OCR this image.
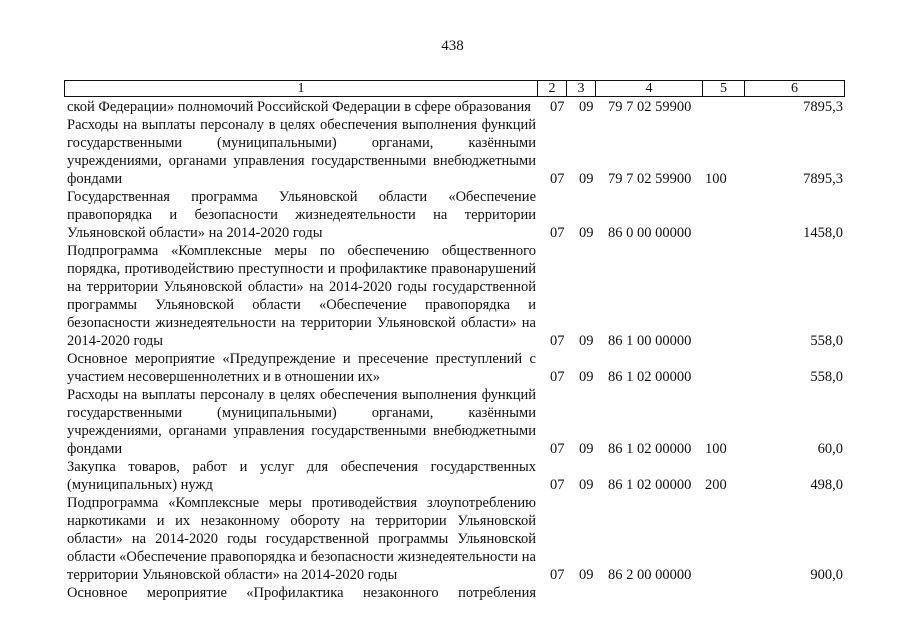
438
1	2	3	4	5	6
ской Федерации» полномочий Российской Федерации в сфере образования	07 09 79 7 02 59900	7895,3
Расходы на выплаты персоналу в целях обеспечения выполнения функций государственными (муниципальными) органами, казёнными учреждениями, органами управления государственными внебюджетными фондами	07 09 79 7 02 59900 100	7895,3
Государственная программа Ульяновской области «Обеспечение правопорядка и безопасности жизнедеятельности на территории Ульяновской области» на 2014-2020 годы	07 09 86 0 00 00000	1458,0
Подпрограмма «Комплексные меры по обеспечению общественного порядка, противодействию преступности и профилактике правонарушений на территории Ульяновской области» на 2014-2020 годы государственной программы Ульяновской области «Обеспечение правопорядка и безопасности жизнедеятельности на территории Ульяновской области» на 2014-2020 годы	07 09 86 1 00 00000	558,0
Основное мероприятие «Предупреждение и пресечение преступлений с участием несовершеннолетних и в отношении их»	07 09 86 1 02 00000	558,0
Расходы на выплаты персоналу в целях обеспечения выполнения функций государственными (муниципальными) органами, казёнными учреждениями, органами управления государственными внебюджетными фондами	07 09 86 1 02 00000 100	60,0
Закупка товаров, работ и услуг для обеспечения государственных (муниципальных) нужд	07 09 86 1 02 00000 200	498,0
Подпрограмма «Комплексные меры противодействия злоупотреблению наркотиками и их незаконному обороту на территории Ульяновской области» на 2014-2020 годы государственной программы Ульяновской области «Обеспечение правопорядка и безопасности жизнедеятельности на территории Ульяновской области» на 2014-2020 годы	07 09 86 2 00 00000	900,0
Основное мероприятие «Профилактика незаконного потребления
